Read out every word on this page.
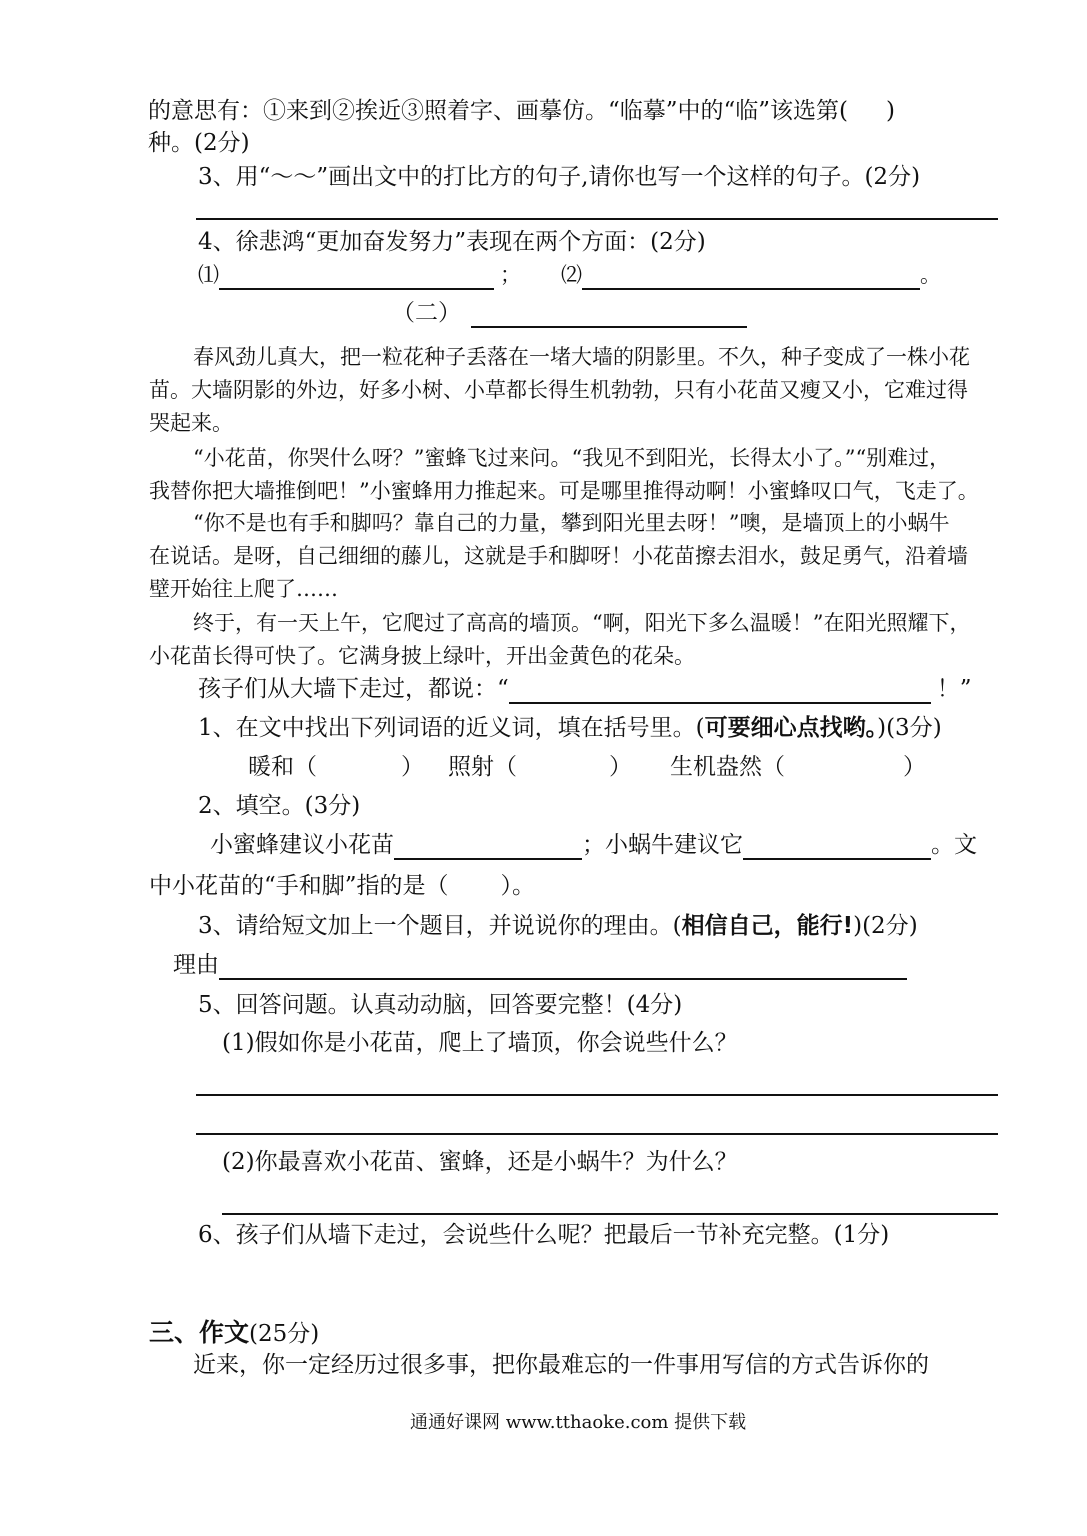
的意思有：①来到②挨近③照着字、画摹仿。“临摹”中的“临”该选第( )
种。(2分)
3、用“～～”画出文中的打比方的句子,请你也写一个这样的句子。(2分)
4、徐悲鸿“更加奋发努力”表现在两个方面：(2分)
⑴	； ⑵	。
（二）
春风劲儿真大，把一粒花种子丢落在一堵大墙的阴影里。不久，种子变成了一株小花
苗。大墙阴影的外边，好多小树、小草都长得生机勃勃，只有小花苗又瘦又小，它难过得
哭起来。
“小花苗，你哭什么呀？”蜜蜂飞过来问。“我见不到阳光，长得太小了。”“别难过，
我替你把大墙推倒吧！”小蜜蜂用力推起来。可是哪里推得动啊！小蜜蜂叹口气，飞走了。
“你不是也有手和脚吗？靠自己的力量，攀到阳光里去呀！”噢，是墙顶上的小蜗牛
在说话。是呀，自己细细的藤儿，这就是手和脚呀！小花苗擦去泪水，鼓足勇气，沿着墙
壁开始往上爬了……
终于，有一天上午，它爬过了高高的墙顶。“啊，阳光下多么温暖！”在阳光照耀下，
小花苗长得可快了。它满身披上绿叶，开出金黄色的花朵。
孩子们从大墙下走过，都说：“	！”
1、在文中找出下列词语的近义词，填在括号里。(可要细心点找哟。)(3分)
暖和（	） 照射（	） 生机盎然（	）
2、填空。(3分)
小蜜蜂建议小花苗	；小蜗牛建议它	。文
中小花苗的“手和脚”指的是（ ）。
3、请给短文加上一个题目，并说说你的理由。(相信自己，能行!)(2分)
理由
5、回答问题。认真动动脑，回答要完整！(4分)
(1)假如你是小花苗，爬上了墙顶，你会说些什么？
(2)你最喜欢小花苗、蜜蜂，还是小蜗牛？为什么？
6、孩子们从墙下走过，会说些什么呢？把最后一节补充完整。(1分)
三、作文(25分)
近来，你一定经历过很多事，把你最难忘的一件事用写信的方式告诉你的
通通好课网 www.tthaoke.com 提供下载
